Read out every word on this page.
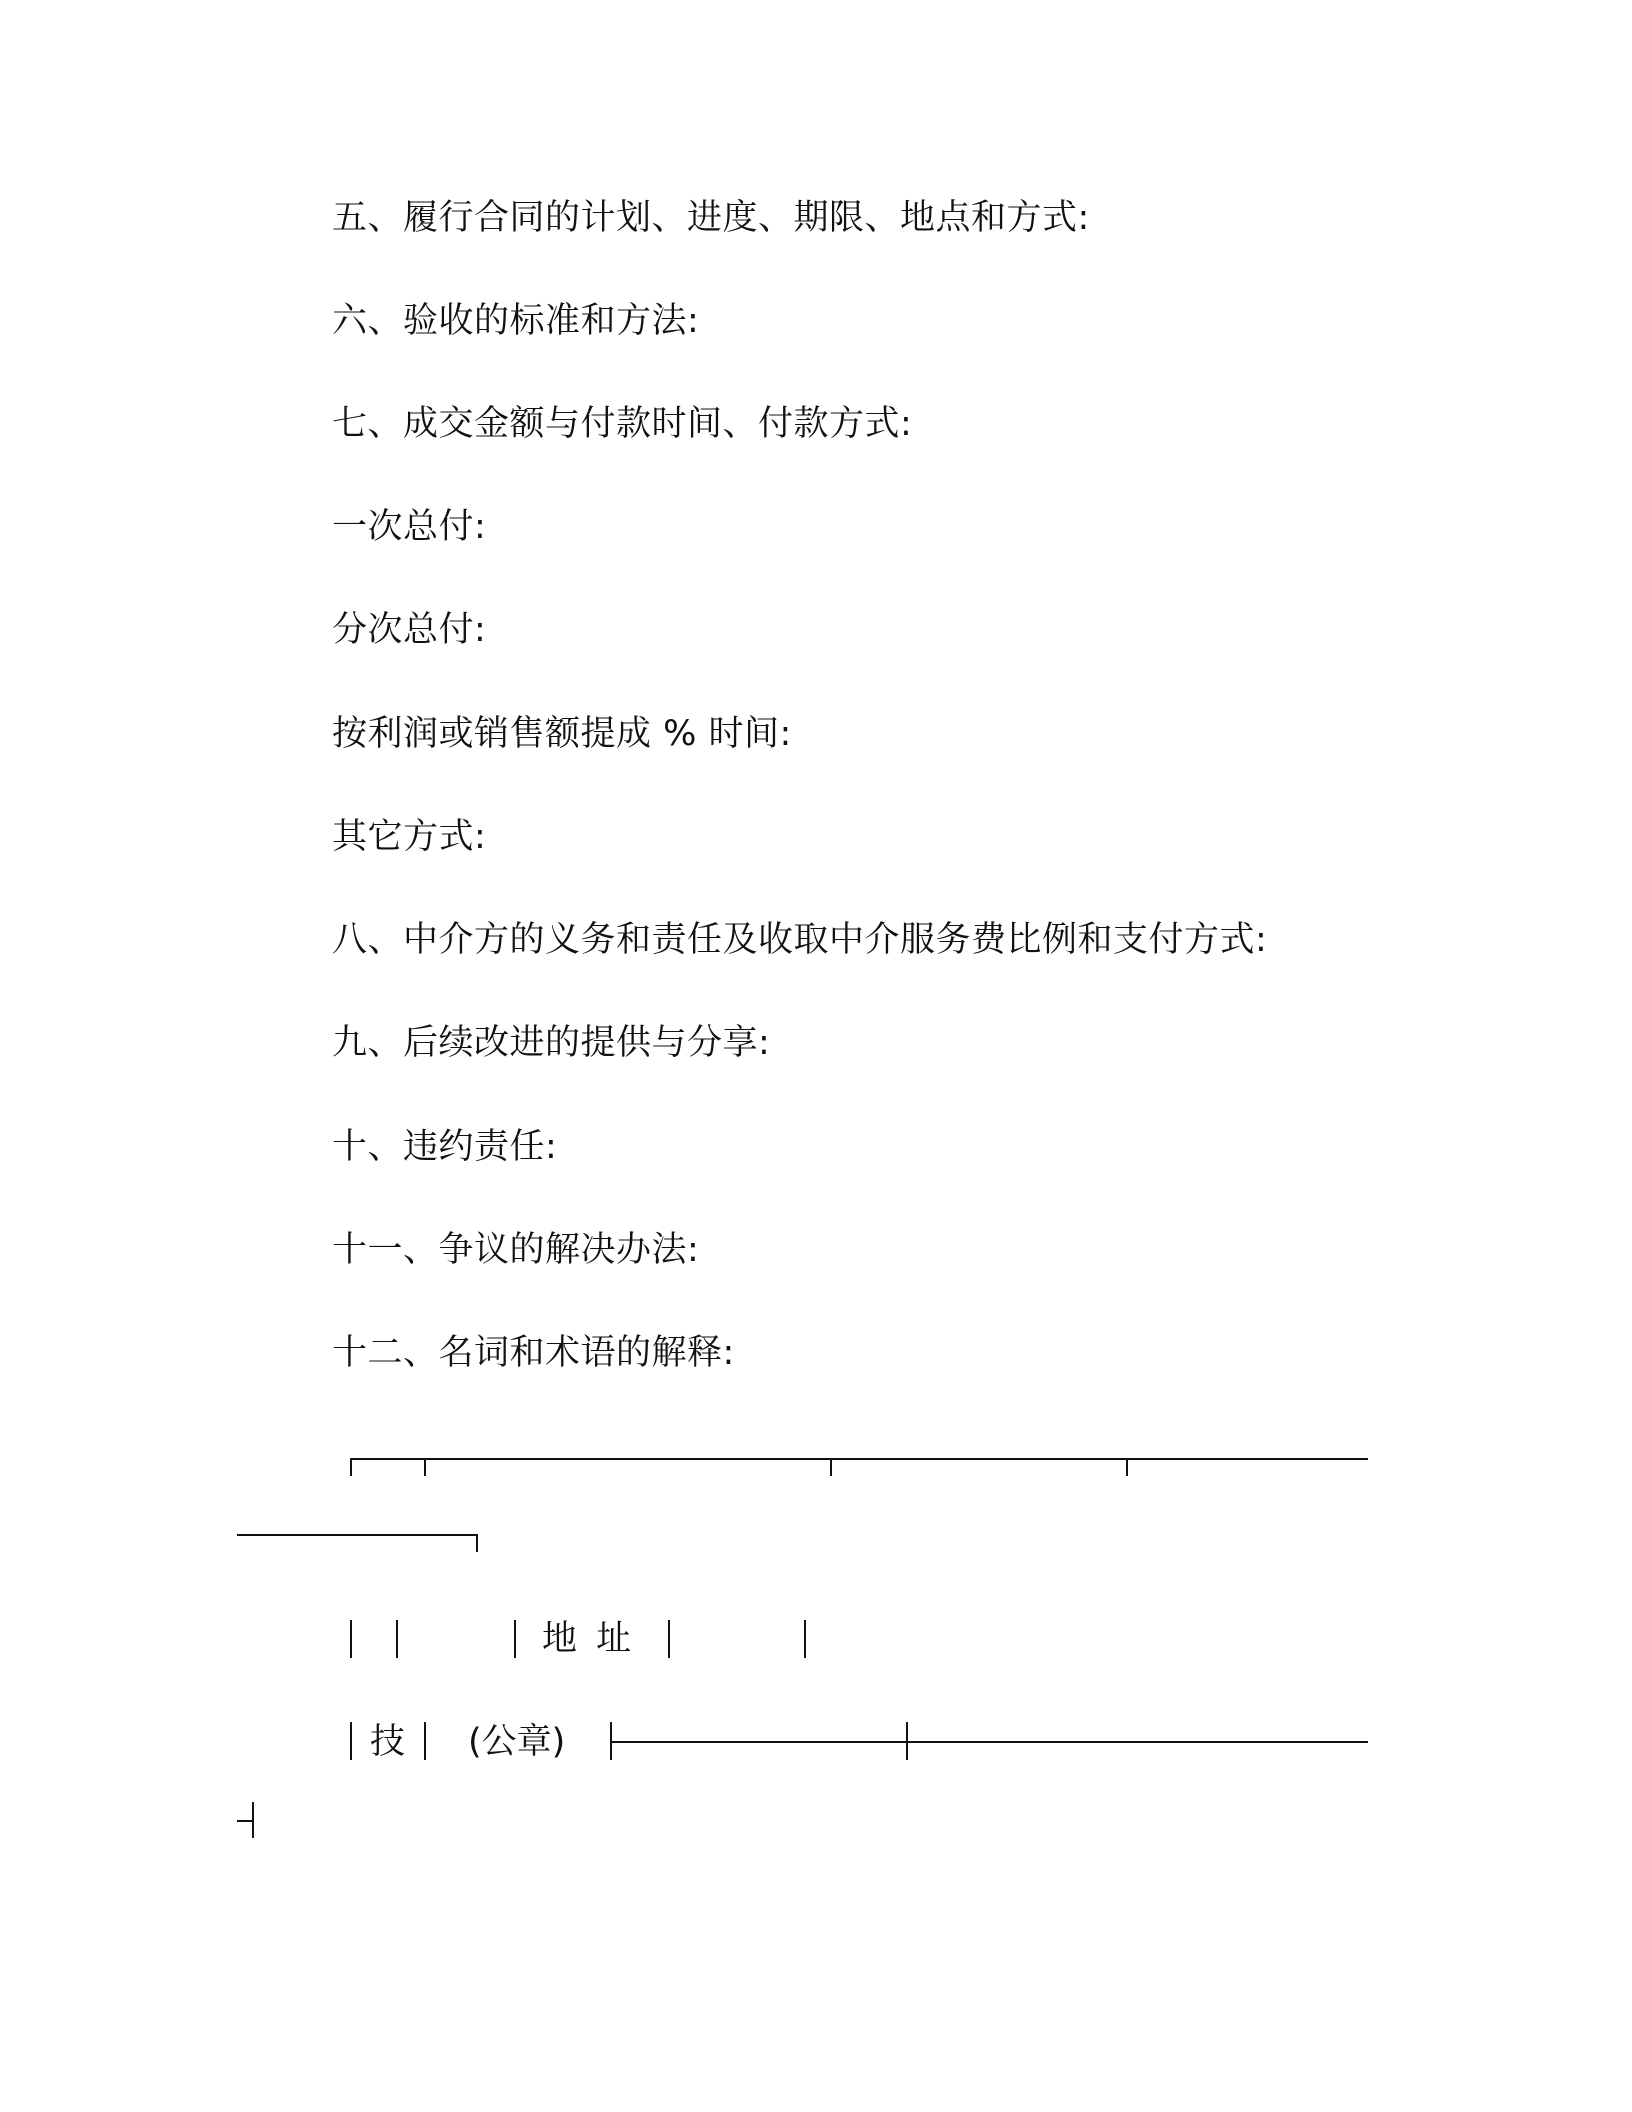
五、履行合同的计划、进度、期限、地点和方式:
六、验收的标准和方法:
七、成交金额与付款时间、付款方式:
一次总付:
分次总付:
按利润或销售额提成 % 时间:
其它方式:
八、中介方的义务和责任及收取中介服务费比例和支付方式:
九、后续改进的提供与分享:
十、违约责任:
十一、争议的解决办法:
十二、名词和术语的解释:
地 址
技 (公章)
